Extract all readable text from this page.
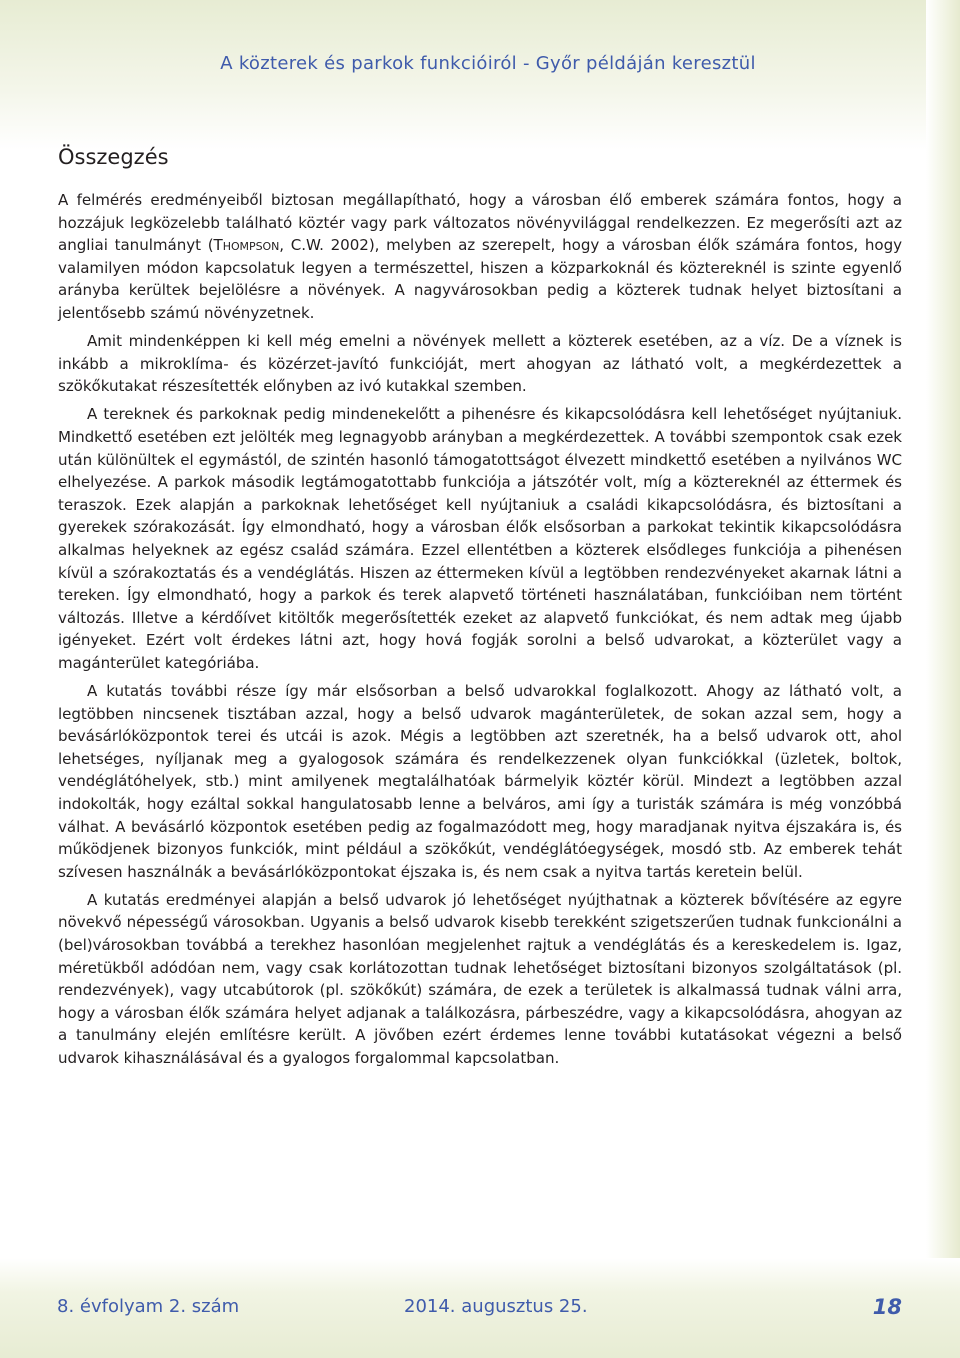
A közterek és parkok funkcióiról - Győr példáján keresztül
Összegzés

A felmérés eredményeiből biztosan megállapítható, hogy a városban élő emberek számára fontos, hogy a hozzájuk legközelebb található köztér vagy park változatos növényvilággal rendelkezzen. Ez megerősíti azt az angliai tanulmányt (Thompson, C.W. 2002), melyben az szerepelt, hogy a városban élők számára fontos, hogy valamilyen módon kapcsolatuk legyen a természettel, hiszen a közparkoknál és köztereknél is szinte egyenlő arányba kerültek bejelölésre a növények. A nagyvárosokban pedig a közterek tudnak helyet biztosítani a jelentősebb számú növényzetnek.

Amit mindenképpen ki kell még emelni a növények mellett a közterek esetében, az a víz. De a víznek is inkább a mikroklíma- és közérzet-javító funkcióját, mert ahogyan az látható volt, a megkérdezettek a szökőkutakat részesítették előnyben az ivó kutakkal szemben.

A tereknek és parkoknak pedig mindenekelőtt a pihenésre és kikapcsolódásra kell lehetőséget nyújtaniuk. Mindkettő esetében ezt jelölték meg legnagyobb arányban a megkérdezettek. A további szempontok csak ezek után különültek el egymástól, de szintén hasonló támogatottságot élvezett mindkettő esetében a nyilvános WC elhelyezése. A parkok második legtámogatottabb funkciója a játszótér volt, míg a köztereknél az éttermek és teraszok. Ezek alapján a parkoknak lehetőséget kell nyújtaniuk a családi kikapcsolódásra, és biztosítani a gyerekek szórakozását. Így elmondható, hogy a városban élők elsősorban a parkokat tekintik kikapcsolódásra alkalmas helyeknek az egész család számára. Ezzel ellentétben a közterek elsődleges funkciója a pihenésen kívül a szórakoztatás és a vendéglátás. Hiszen az éttermeken kívül a legtöbben rendezvényeket akarnak látni a tereken. Így elmondható, hogy a parkok és terek alapvető történeti használatában, funkcióiban nem történt változás. Illetve a kérdőívet kitöltők megerősítették ezeket az alapvető funkciókat, és nem adtak meg újabb igényeket. Ezért volt érdekes látni azt, hogy hová fogják sorolni a belső udvarokat, a közterület vagy a magánterület kategóriába.

A kutatás további része így már elsősorban a belső udvarokkal foglalkozott. Ahogy az látható volt, a legtöbben nincsenek tisztában azzal, hogy a belső udvarok magánterületek, de sokan azzal sem, hogy a bevásárlóközpontok terei és utcái is azok. Mégis a legtöbben azt szeretnék, ha a belső udvarok ott, ahol lehetséges, nyíljanak meg a gyalogosok számára és rendelkezzenek olyan funkciókkal (üzletek, boltok, vendéglátóhelyek, stb.) mint amilyenek megtalálhatóak bármelyik köztér körül. Mindezt a legtöbben azzal indokolták, hogy ezáltal sokkal hangulatosabb lenne a belváros, ami így a turisták számára is még vonzóbbá válhat. A bevásárló központok esetében pedig az fogalmazódott meg, hogy maradjanak nyitva éjszakára is, és működjenek bizonyos funkciók, mint például a szökőkút, vendéglátóegységek, mosdó stb. Az emberek tehát szívesen használnák a bevásárlóközpontokat éjszaka is, és nem csak a nyitva tartás keretein belül.

A kutatás eredményei alapján a belső udvarok jó lehetőséget nyújthatnak a közterek bővítésére az egyre növekvő népességű városokban. Ugyanis a belső udvarok kisebb terekként szigetszerűen tudnak funkcionálni a (bel)városokban továbbá a terekhez hasonlóan megjelenhet rajtuk a vendéglátás és a kereskedelem is. Igaz, méretükből adódóan nem, vagy csak korlátozottan tudnak lehetőséget biztosítani bizonyos szolgáltatások (pl. rendezvények), vagy utcabútorok (pl. szökőkút) számára, de ezek a területek is alkalmassá tudnak válni arra, hogy a városban élők számára helyet adjanak a találkozásra, párbeszédre, vagy a kikapcsolódásra, ahogyan az a tanulmány elején említésre került. A jövőben ezért érdemes lenne további kutatásokat végezni a belső udvarok kihasználásával és a gyalogos forgalommal kapcsolatban.

8. évfolyam 2. szám	2014. augusztus 25.	18
